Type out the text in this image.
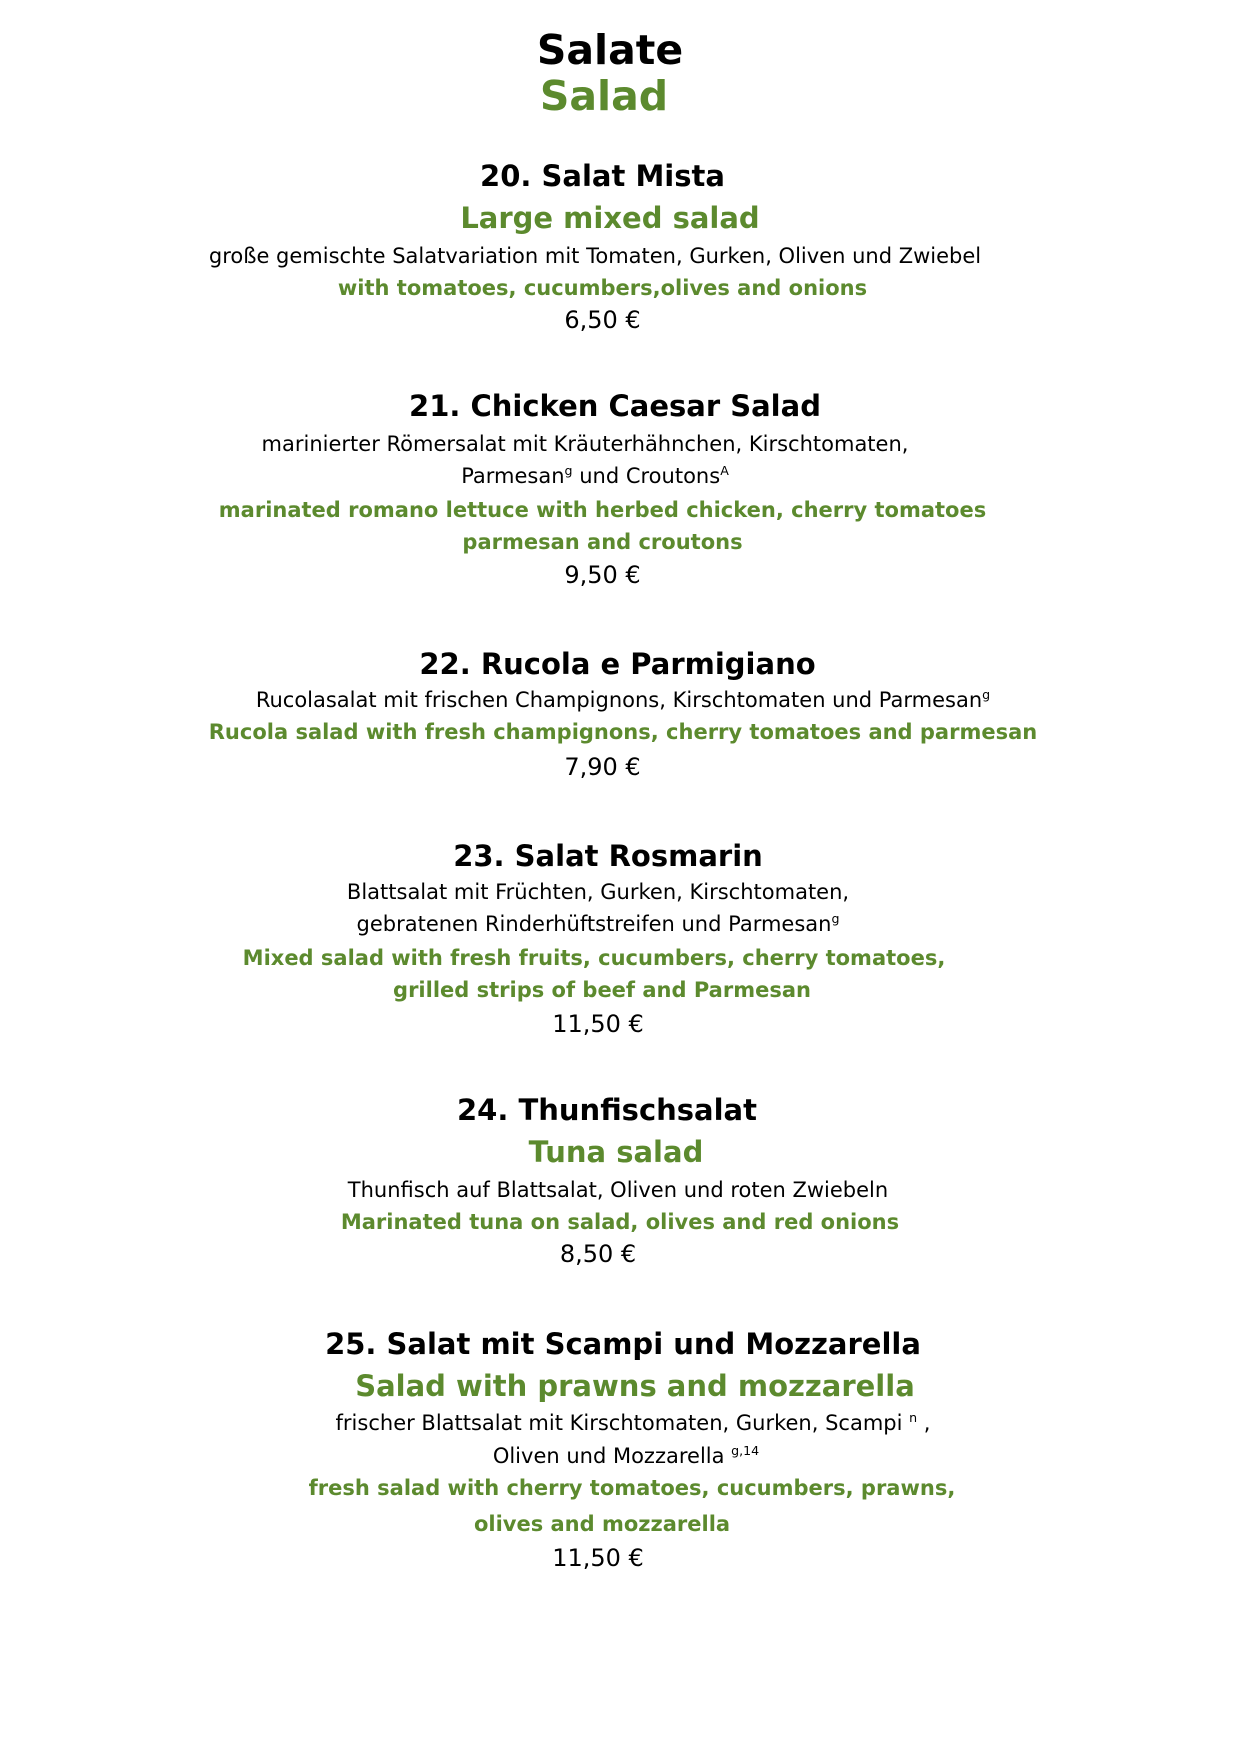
Salate
Salad
20. Salat Mista
Large mixed salad
große gemischte Salatvariation mit Tomaten, Gurken, Oliven und Zwiebel
with tomatoes, cucumbers,olives and onions
6,50 €
21. Chicken Caesar Salad
marinierter Römersalat mit Kräuterhähnchen, Kirschtomaten,
Parmesan$^g$ und Croutons$^A$
marinated romano lettuce with herbed chicken, cherry tomatoes
parmesan and croutons
9,50 €
22. Rucola e Parmigiano
Rucolasalat mit frischen Champignons, Kirschtomaten und Parmesan$^g$
Rucola salad with fresh champignons, cherry tomatoes and parmesan
7,90 €
23. Salat Rosmarin
Blattsalat mit Früchten, Gurken, Kirschtomaten,
gebratenen Rinderhüftstreifen und Parmesan$^g$
Mixed salad with fresh fruits, cucumbers, cherry tomatoes,
grilled strips of beef and Parmesan
11,50 €
24. Thunfischsalat
Tuna salad
Thunfisch auf Blattsalat, Oliven und roten Zwiebeln
Marinated tuna on salad, olives and red onions
8,50 €
25. Salat mit Scampi und Mozzarella
Salad with prawns and mozzarella
frischer Blattsalat mit Kirschtomaten, Gurken, Scampi $^n$ ,
Oliven und Mozzarella $^{g,14}$
fresh salad with cherry tomatoes, cucumbers, prawns,
olives and mozzarella
11,50 €
